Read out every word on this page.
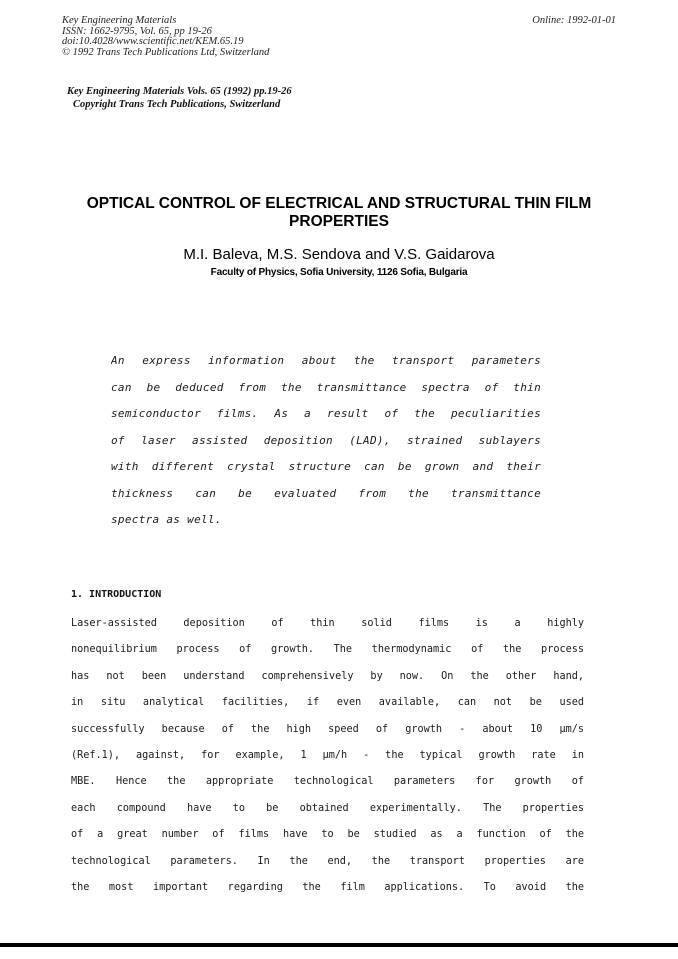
Key Engineering Materials
ISSN: 1662-9795, Vol. 65, pp 19-26
doi:10.4028/www.scientific.net/KEM.65.19
© 1992 Trans Tech Publications Ltd, Switzerland
Online: 1992-01-01
Key Engineering Materials Vols. 65 (1992) pp.19-26
Copyright Trans Tech Publications, Switzerland
OPTICAL CONTROL OF ELECTRICAL AND STRUCTURAL THIN FILM
PROPERTIES
M.I. Baleva, M.S. Sendova and V.S. Gaidarova
Faculty of Physics, Sofia University, 1126 Sofia, Bulgaria
An express information about the transport parameters
can be deduced from the transmittance spectra of thin
semiconductor films. As a result of the peculiarities
of laser assisted deposition (LAD), strained sublayers
with different crystal structure can be grown and their
thickness can be evaluated from the transmittance
spectra as well.
1. INTRODUCTION
Laser-assisted deposition of thin solid films is a highly
nonequilibrium process of growth. The thermodynamic of the process
has not been understand comprehensively by now. On the other hand,
in situ analytical facilities, if even available, can not be used
successfully because of the high speed of growth - about 10 μm/s
(Ref.1), against, for example, 1 μm/h - the typical growth rate in
MBE. Hence the appropriate technological parameters for growth of
each compound have to be obtained experimentally. The properties
of a great number of films have to be studied as a function of the
technological parameters. In the end, the transport properties are
the most important regarding the film applications. To avoid the
